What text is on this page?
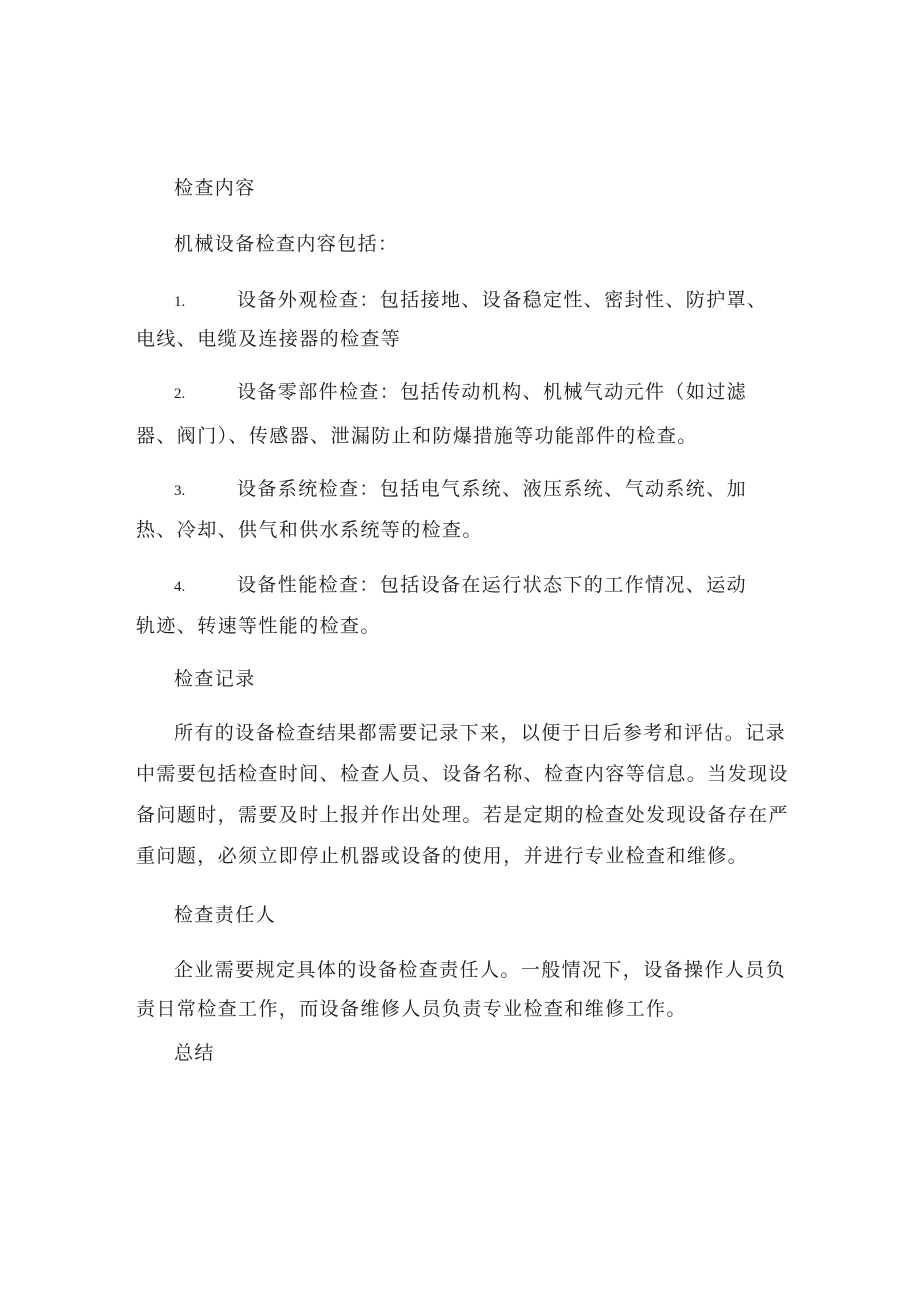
检查内容
机械设备检查内容包括：
1.	设备外观检查：包括接地、设备稳定性、密封性、防护罩、
电线、电缆及连接器的检查等
2.	设备零部件检查：包括传动机构、机械气动元件（如过滤
器、阀门）、传感器、泄漏防止和防爆措施等功能部件的检查。
3.	设备系统检查：包括电气系统、液压系统、气动系统、加
热、冷却、供气和供水系统等的检查。
4.	设备性能检查：包括设备在运行状态下的工作情况、运动
轨迹、转速等性能的检查。
检查记录
所有的设备检查结果都需要记录下来，以便于日后参考和评估。记录
中需要包括检查时间、检查人员、设备名称、检查内容等信息。当发现设
备问题时，需要及时上报并作出处理。若是定期的检查处发现设备存在严
重问题，必须立即停止机器或设备的使用，并进行专业检查和维修。
检查责任人
企业需要规定具体的设备检查责任人。一般情况下，设备操作人员负
责日常检查工作，而设备维修人员负责专业检查和维修工作。
总结
